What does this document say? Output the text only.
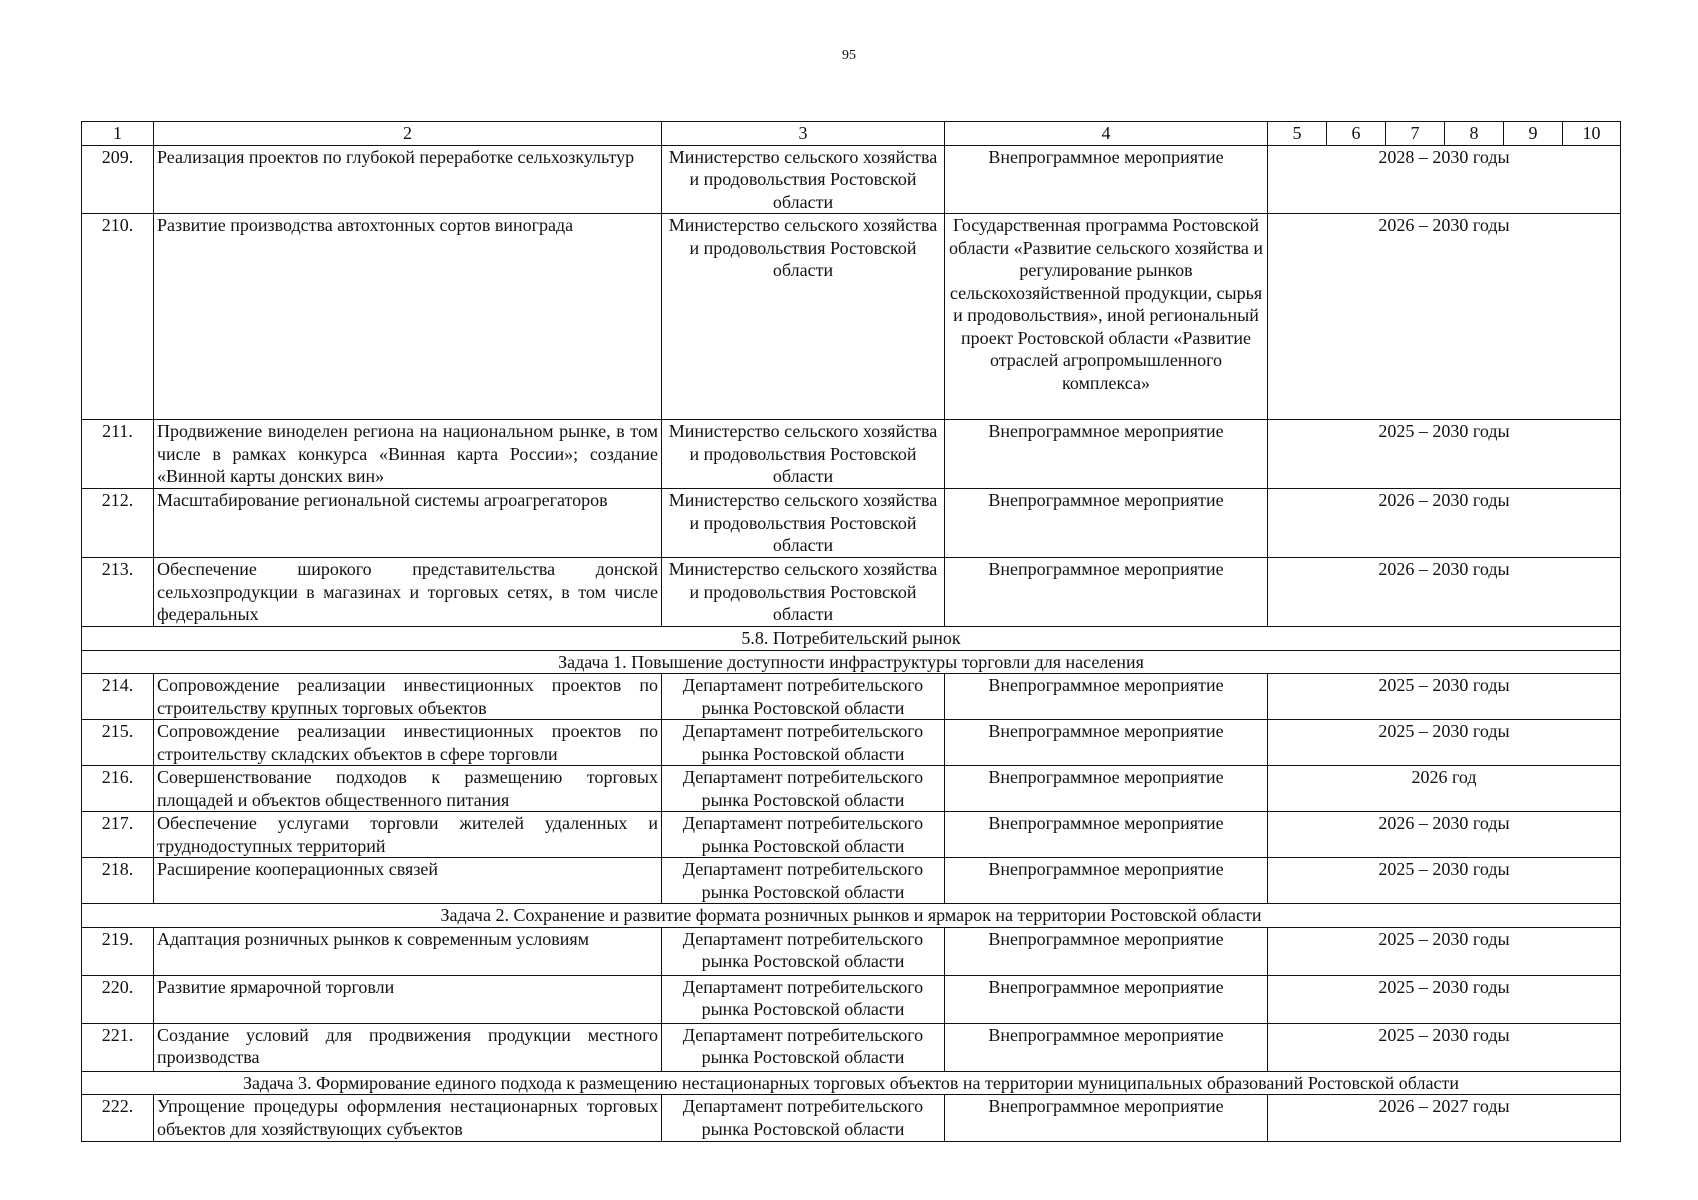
95
1	2	3	4	5	6	7	8	9	10
209.	Реализация проектов по глубокой переработке сельхозкультур	Министерство сельского хозяйства и продовольствия Ростовской области	Внепрограммное мероприятие	2028 – 2030 годы					
210.	Развитие производства автохтонных сортов винограда	Министерство сельского хозяйства и продовольствия Ростовской области	Государственная программа Ростовской области «Развитие сельского хозяйства и регулирование рынков сельскохозяйственной продукции, сырья и продовольствия», иной региональный проект Ростовской области «Развитие отраслей агропромышленного комплекса»	2026 – 2030 годы					
211.	Продвижение виноделен региона на национальном рынке, в том числе в рамках конкурса «Винная карта России»; создание «Винной карты донских вин»	Министерство сельского хозяйства и продовольствия Ростовской области	Внепрограммное мероприятие	2025 – 2030 годы					
212.	Масштабирование региональной системы агроагрегаторов	Министерство сельского хозяйства и продовольствия Ростовской области	Внепрограммное мероприятие	2026 – 2030 годы					
213.	Обеспечение широкого представительства донской сельхозпродукции в магазинах и торговых сетях, в том числе федеральных	Министерство сельского хозяйства и продовольствия Ростовской области	Внепрограммное мероприятие	2026 – 2030 годы					
5.8. Потребительский рынок									
Задача 1. Повышение доступности инфраструктуры торговли для населения									
214.	Сопровождение реализации инвестиционных проектов по строительству крупных торговых объектов	Департамент потребительского рынка Ростовской области	Внепрограммное мероприятие	2025 – 2030 годы					
215.	Сопровождение реализации инвестиционных проектов по строительству складских объектов в сфере торговли	Департамент потребительского рынка Ростовской области	Внепрограммное мероприятие	2025 – 2030 годы					
216.	Совершенствование подходов к размещению торговых площадей и объектов общественного питания	Департамент потребительского рынка Ростовской области	Внепрограммное мероприятие	2026 год					
217.	Обеспечение услугами торговли жителей удаленных и труднодоступных территорий	Департамент потребительского рынка Ростовской области	Внепрограммное мероприятие	2026 – 2030 годы					
218.	Расширение кооперационных связей	Департамент потребительского рынка Ростовской области	Внепрограммное мероприятие	2025 – 2030 годы					
Задача 2. Сохранение и развитие формата розничных рынков и ярмарок на территории Ростовской области									
219.	Адаптация розничных рынков к современным условиям	Департамент потребительского рынка Ростовской области	Внепрограммное мероприятие	2025 – 2030 годы					
220.	Развитие ярмарочной торговли	Департамент потребительского рынка Ростовской области	Внепрограммное мероприятие	2025 – 2030 годы					
221.	Создание условий для продвижения продукции местного производства	Департамент потребительского рынка Ростовской области	Внепрограммное мероприятие	2025 – 2030 годы					
Задача 3. Формирование единого подхода к размещению нестационарных торговых объектов на территории муниципальных образований Ростовской области									
222.	Упрощение процедуры оформления нестационарных торговых объектов для хозяйствующих субъектов	Департамент потребительского рынка Ростовской области	Внепрограммное мероприятие	2026 – 2027 годы					
